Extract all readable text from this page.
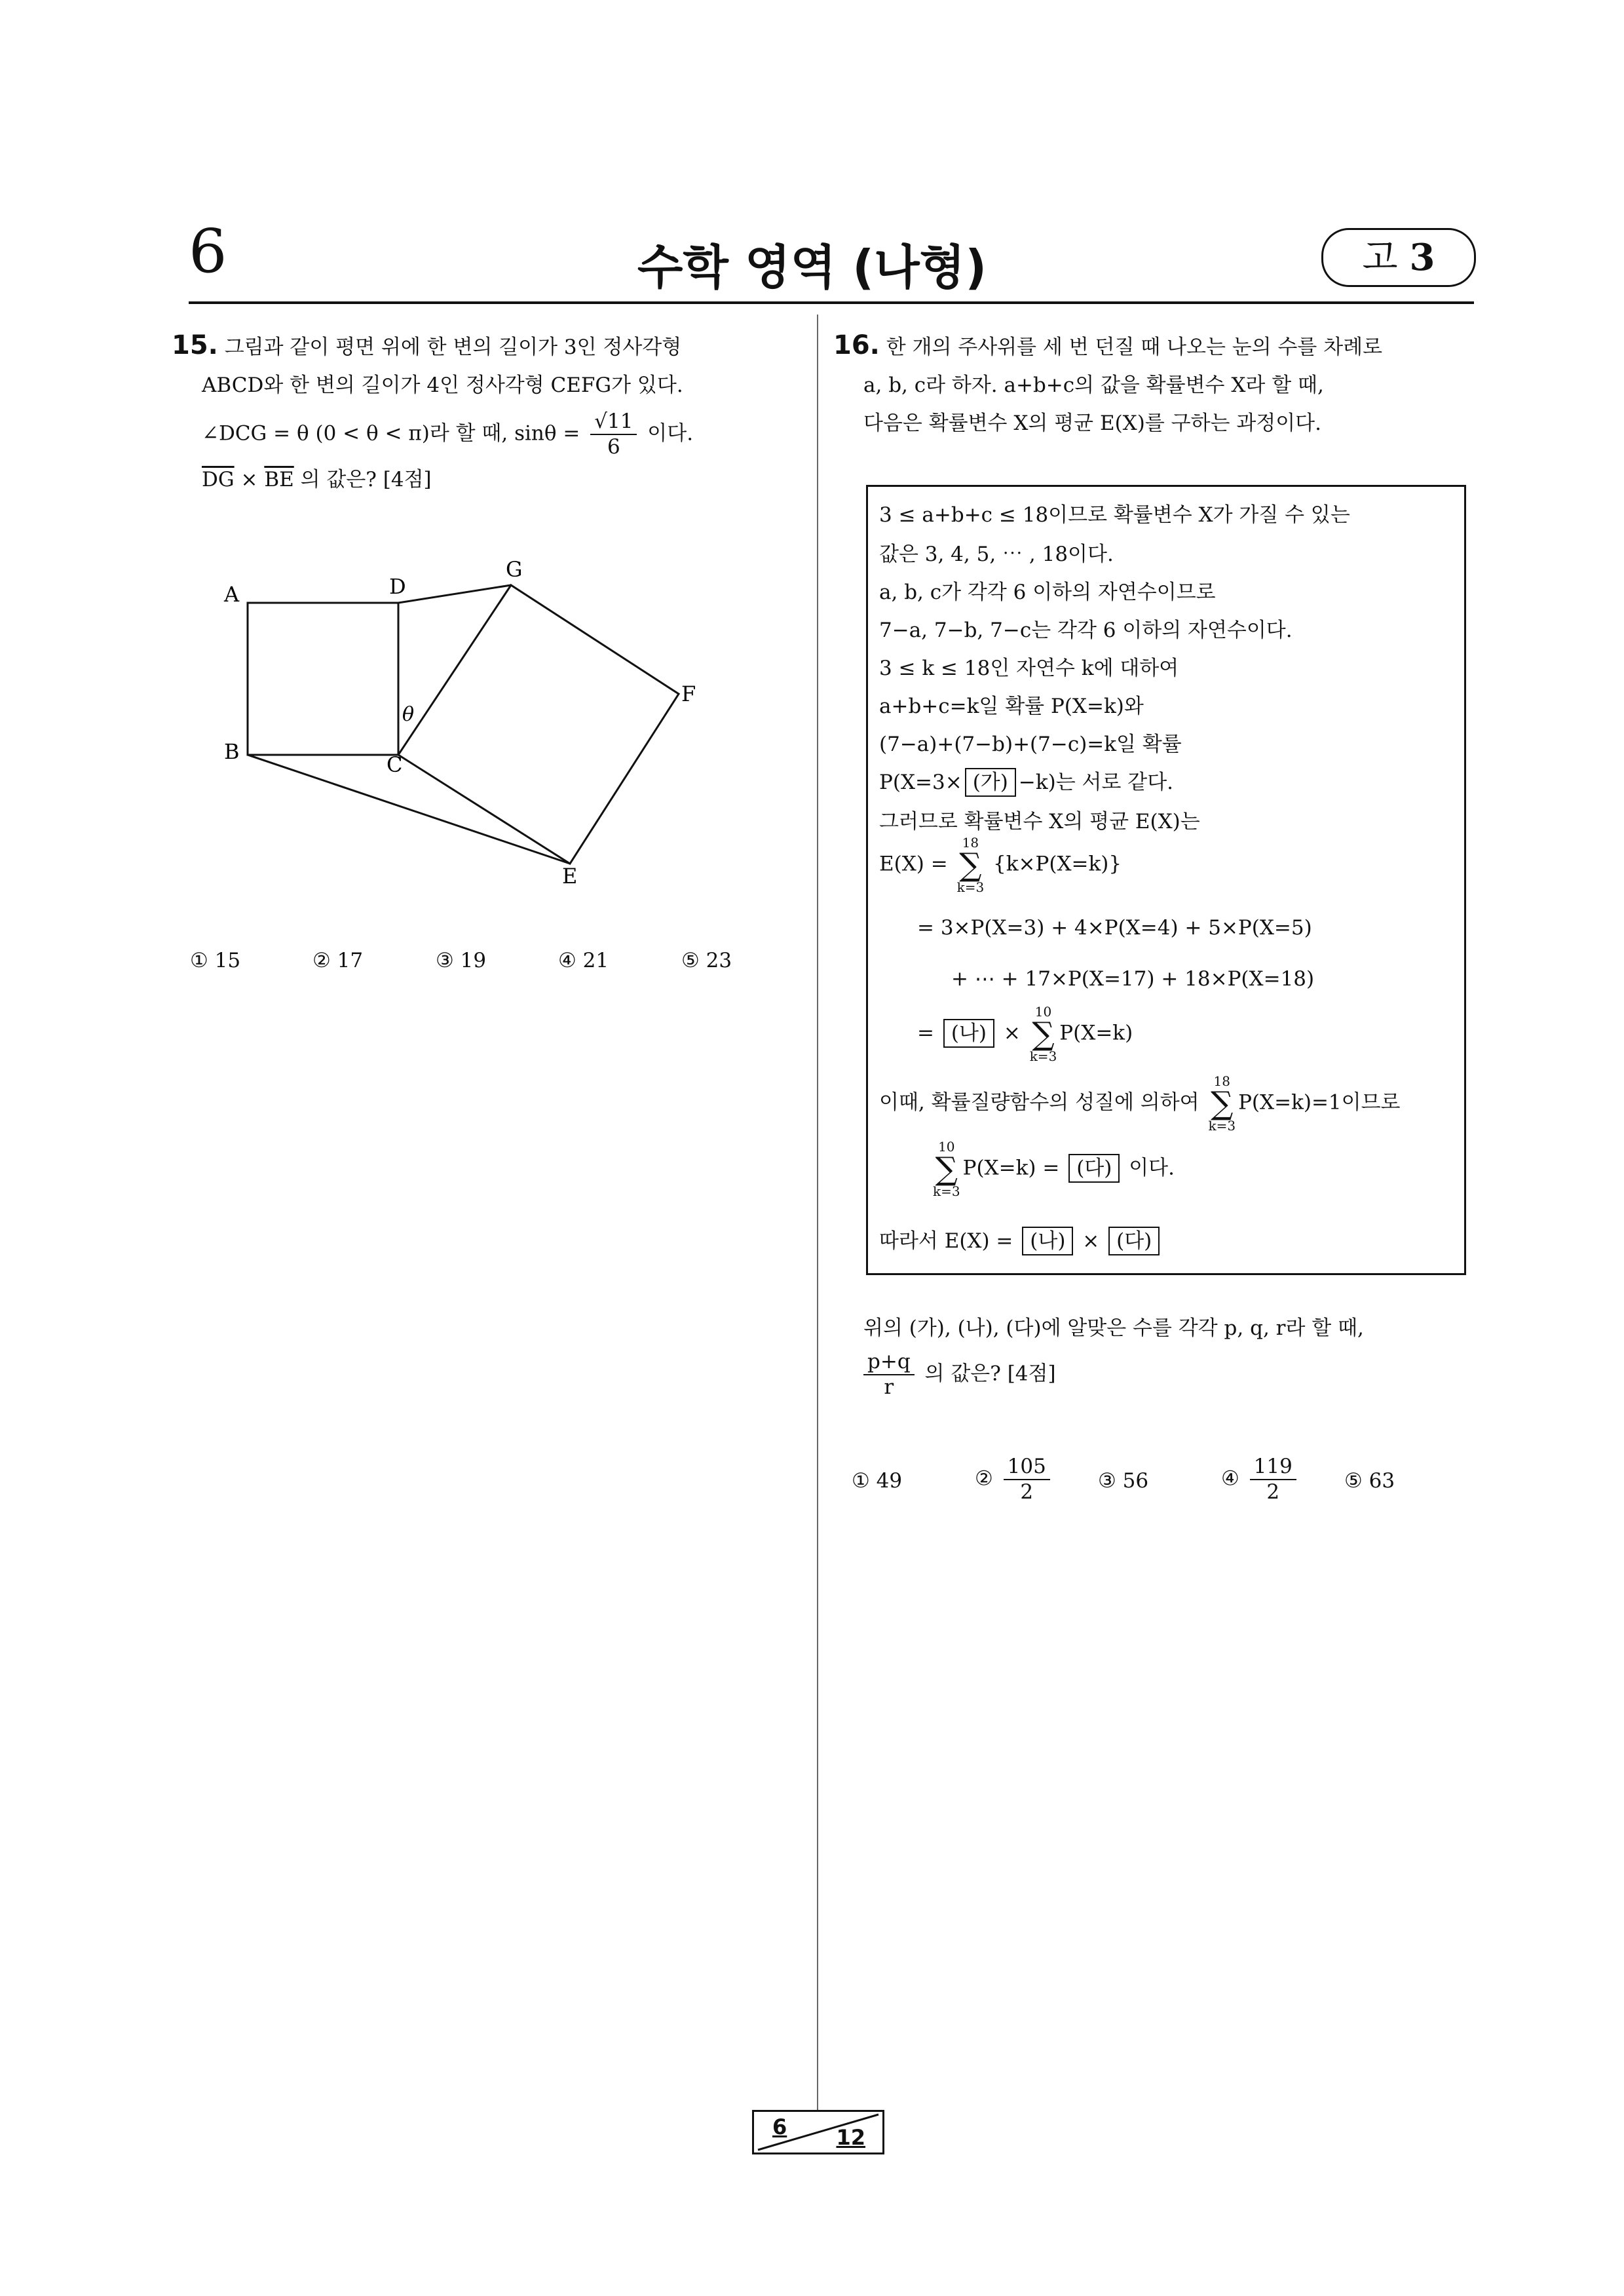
6	수학 영역 (나형)	고 3
15. 그림과 같이 평면 위에 한 변의 길이가 3인 정사각형
ABCD와 한 변의 길이가 4인 정사각형 CEFG가 있다.
∠DCG = θ (0 < θ < π)라 할 때, $\sin\theta = \frac{√11}{6}$ 이다.
$\overline{DG} \times \overline{BE}$ 의 값은? [4점]
A	D
G
F
B
C
E
θ
① 15	② 17	③ 19	④ 21	⑤ 23
16. 한 개의 주사위를 세 번 던질 때 나오는 눈의 수를 차례로
a, b, c라 하자. a+b+c의 값을 확률변수 X라 할 때,
다음은 확률변수 X의 평균 E(X)를 구하는 과정이다.
3 ≤ a+b+c ≤ 18이므로 확률변수 X가 가질 수 있는
값은 3, 4, 5, ⋯ , 18이다.
a, b, c가 각각 6 이하의 자연수이므로
7−a, 7−b, 7−c는 각각 6 이하의 자연수이다.
3 ≤ k ≤ 18인 자연수 k에 대하여
a+b+c=k일 확률 P(X=k)와
(7−a)+(7−b)+(7−c)=k일 확률
P(X=3× (가) −k)는 서로 같다.
그러므로 확률변수 X의 평균 E(X)는
E(X) =
18
∑
k=3
{k×P(X=k)}
= 3×P(X=3) + 4×P(X=4) + 5×P(X=5)
+ ⋯ + 17×P(X=17) + 18×P(X=18)
= (나) ×
10
∑
k=3
P(X=k)
이때, 확률질량함수의 성질에 의하여
18
∑
k=3
P(X=k)=1이므로
10
∑
k=3
P(X=k) = (다) 이다.
따라서 E(X) = (나) × (다)
위의 (가), (나), (다)에 알맞은 수를 각각 p, q, r라 할 때,
$\frac{p+q}{r}$ 의 값은? [4점]
① 49	② $\frac{105}{2}$ ③ 56	④ $\frac{119}{2}$ ⑤ 63
6 12
